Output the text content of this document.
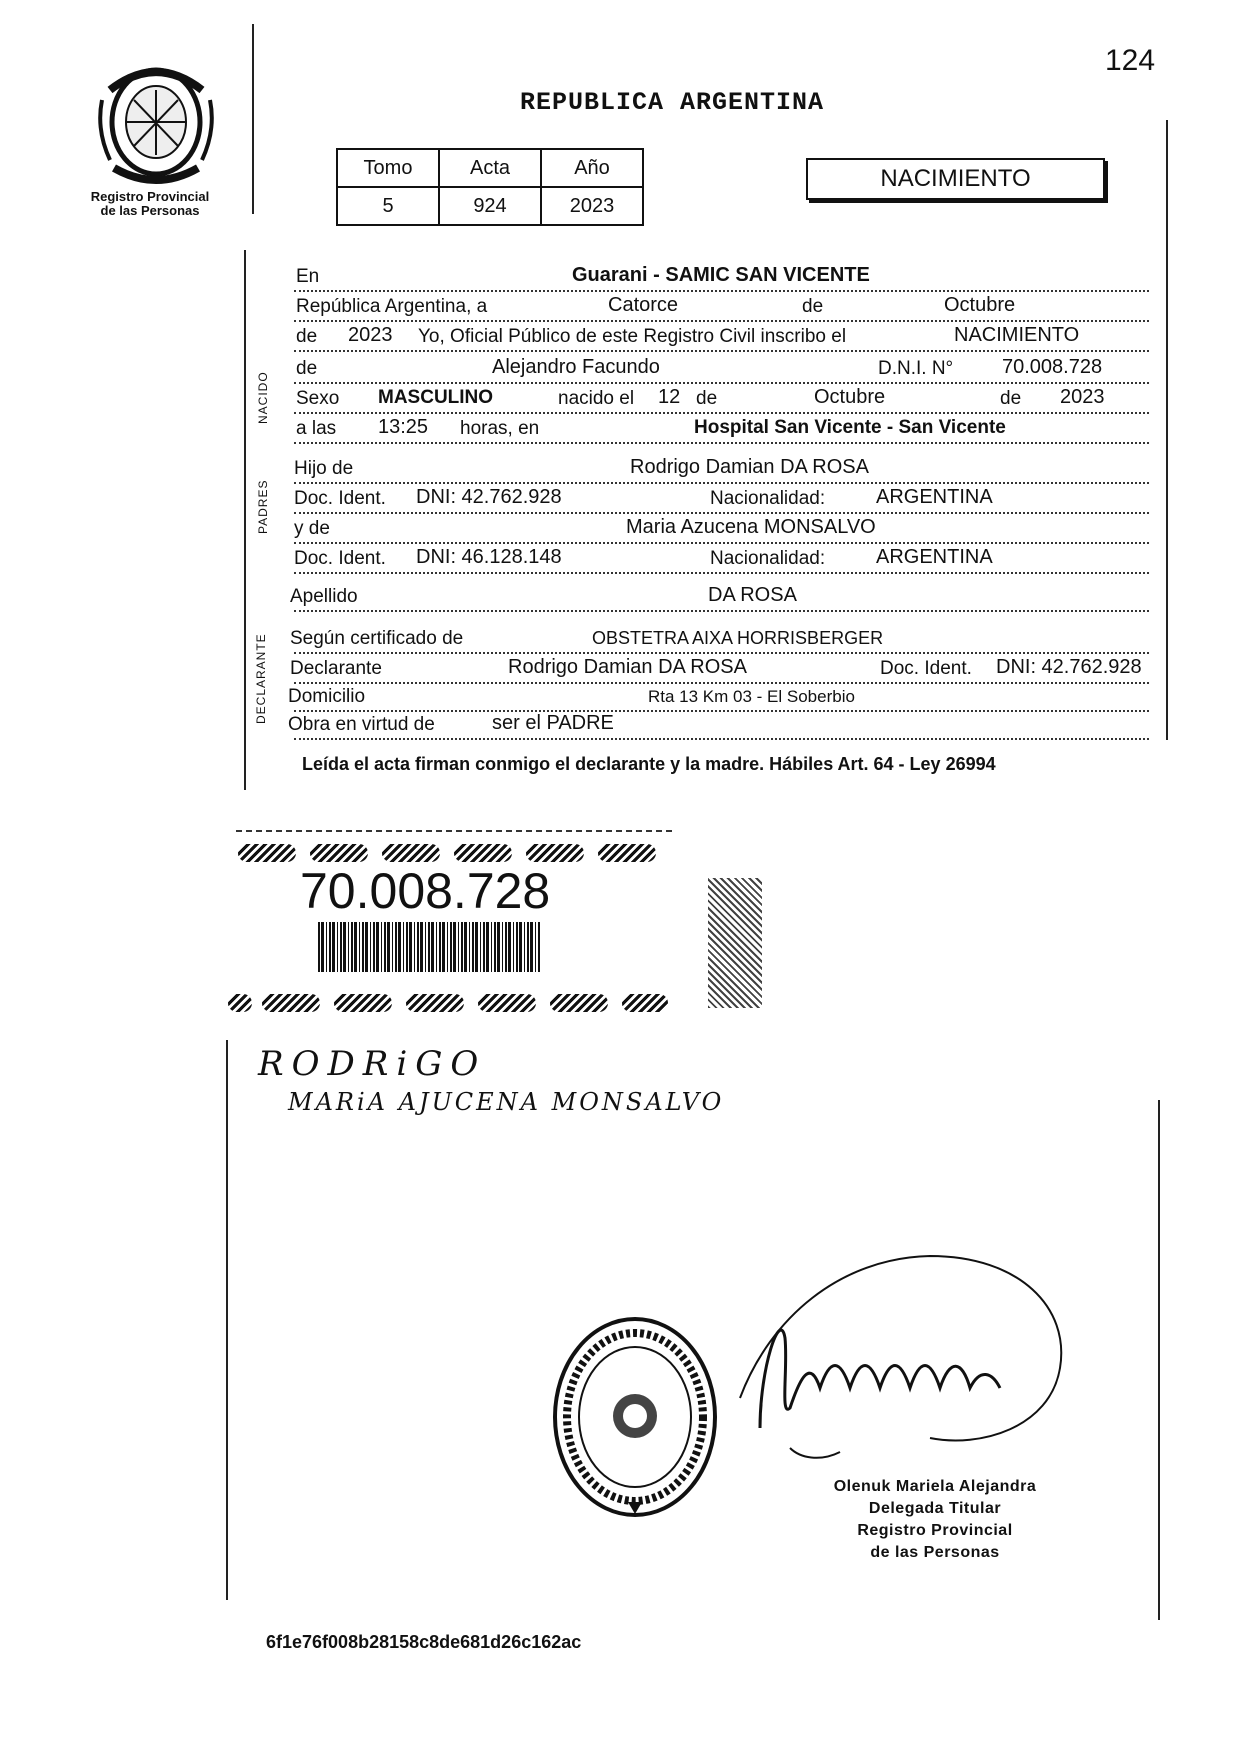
Registro Provincial
de las Personas
124
REPUBLICA ARGENTINA
Tomo	Acta	Año
5	924	2023
NACIMIENTO
NACIDO
PADRES
DECLARANTE
En	Guarani - SAMIC SAN VICENTE
República Argentina, a	Catorce	de	Octubre
de 2023 Yo, Oficial Público de este Registro Civil inscribo el	NACIMIENTO
de	Alejandro Facundo	D.N.I. N° 70.008.728
Sexo MASCULINO	nacido el 12 de	Octubre	de 2023
a las 13:25 horas, en	Hospital San Vicente - San Vicente
Hijo de	Rodrigo Damian DA ROSA
Doc. Ident. DNI: 42.762.928	Nacionalidad:	ARGENTINA
y de	Maria Azucena MONSALVO
Doc. Ident. DNI: 46.128.148	Nacionalidad:	ARGENTINA
Apellido	DA ROSA
Según certificado de	OBSTETRA AIXA HORRISBERGER
Declarante	Rodrigo Damian DA ROSA	Doc. Ident. DNI: 42.762.928
Domicilio	Rta 13 Km 03 - El Soberbio
Obra en virtud de	ser el PADRE
Leída el acta firman conmigo el declarante y la madre. Hábiles Art. 64 - Ley 26994
70.008.728
RODRiGO
MARiA AJUCENA MONSALVO
Olenuk Mariela Alejandra
Delegada Titular
Registro Provincial
de las Personas
6f1e76f008b28158c8de681d26c162ac
